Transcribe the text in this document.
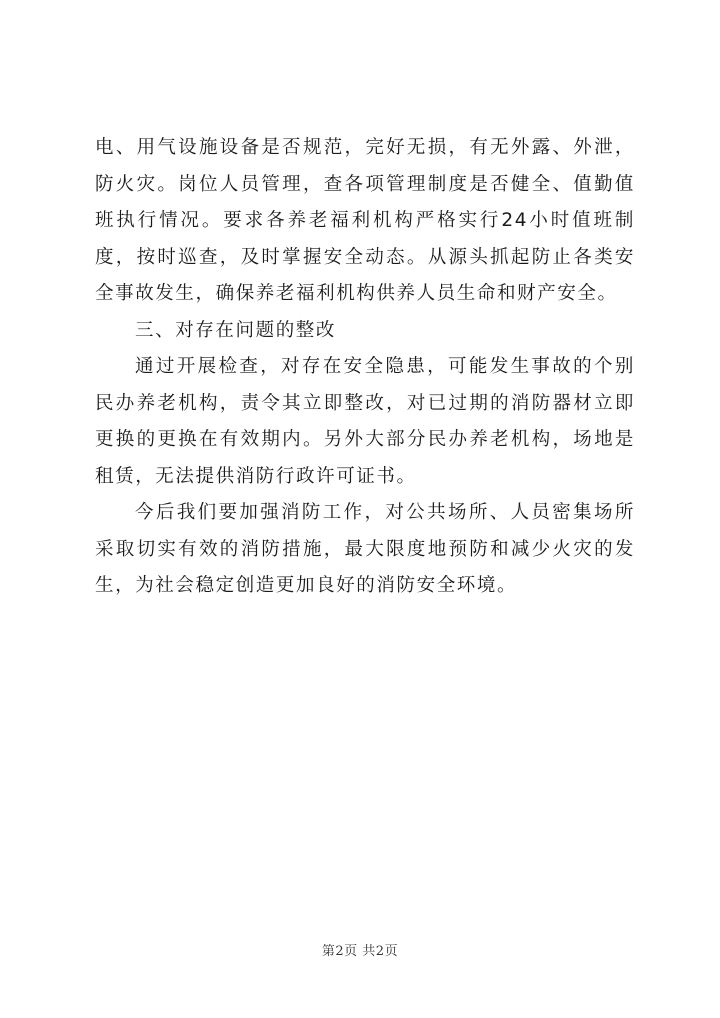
电、用气设施设备是否规范，完好无损，有无外露、外泄，防火灾。岗位人员管理，查各项管理制度是否健全、值勤值班执行情况。要求各养老福利机构严格实行24小时值班制度，按时巡查，及时掌握安全动态。从源头抓起防止各类安全事故发生，确保养老福利机构供养人员生命和财产安全。

三、对存在问题的整改

通过开展检查，对存在安全隐患，可能发生事故的个别民办养老机构，责令其立即整改，对已过期的消防器材立即更换的更换在有效期内。另外大部分民办养老机构，场地是租赁，无法提供消防行政许可证书。

今后我们要加强消防工作，对公共场所、人员密集场所采取切实有效的消防措施，最大限度地预防和减少火灾的发生，为社会稳定创造更加良好的消防安全环境。

第2页 共2页
